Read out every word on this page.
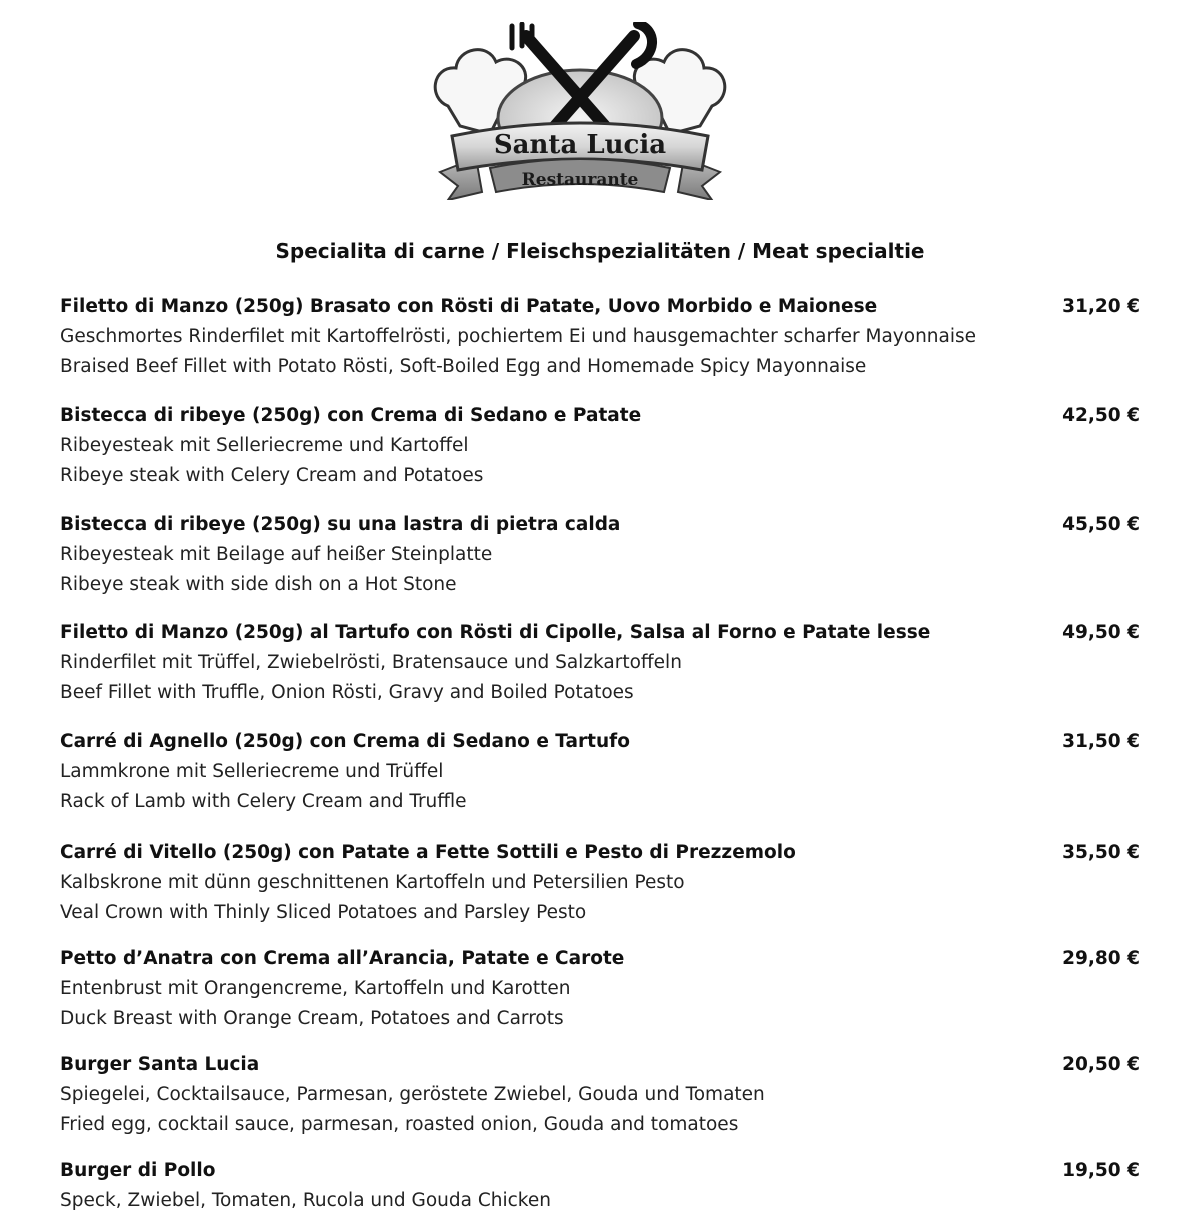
Santa Lucia
Restaurante
Specialita di carne / Fleischspezialitäten / Meat specialtie
Filetto di Manzo (250g) Brasato con Rösti di Patate, Uovo Morbido e Maionese	31,20 €
Geschmortes Rinderfilet mit Kartoffelrösti, pochiertem Ei und hausgemachter scharfer Mayonnaise
Braised Beef Fillet with Potato Rösti, Soft-Boiled Egg and Homemade Spicy Mayonnaise
Bistecca di ribeye (250g) con Crema di Sedano e Patate	42,50 €
Ribeyesteak mit Selleriecreme und Kartoffel
Ribeye steak with Celery Cream and Potatoes
Bistecca di ribeye (250g) su una lastra di pietra calda	45,50 €
Ribeyesteak mit Beilage auf heißer Steinplatte
Ribeye steak with side dish on a Hot Stone
Filetto di Manzo (250g) al Tartufo con Rösti di Cipolle, Salsa al Forno e Patate lesse	49,50 €
Rinderfilet mit Trüffel, Zwiebelrösti, Bratensauce und Salzkartoffeln
Beef Fillet with Truffle, Onion Rösti, Gravy and Boiled Potatoes
Carré di Agnello (250g) con Crema di Sedano e Tartufo	31,50 €
Lammkrone mit Selleriecreme und Trüffel
Rack of Lamb with Celery Cream and Truffle
Carré di Vitello (250g) con Patate a Fette Sottili e Pesto di Prezzemolo	35,50 €
Kalbskrone mit dünn geschnittenen Kartoffeln und Petersilien Pesto
Veal Crown with Thinly Sliced Potatoes and Parsley Pesto
Petto d’Anatra con Crema all’Arancia, Patate e Carote	29,80 €
Entenbrust mit Orangencreme, Kartoffeln und Karotten
Duck Breast with Orange Cream, Potatoes and Carrots
Burger Santa Lucia	20,50 €
Spiegelei, Cocktailsauce, Parmesan, geröstete Zwiebel, Gouda und Tomaten
Fried egg, cocktail sauce, parmesan, roasted onion, Gouda and tomatoes
Burger di Pollo	19,50 €
Speck, Zwiebel, Tomaten, Rucola und Gouda Chicken
